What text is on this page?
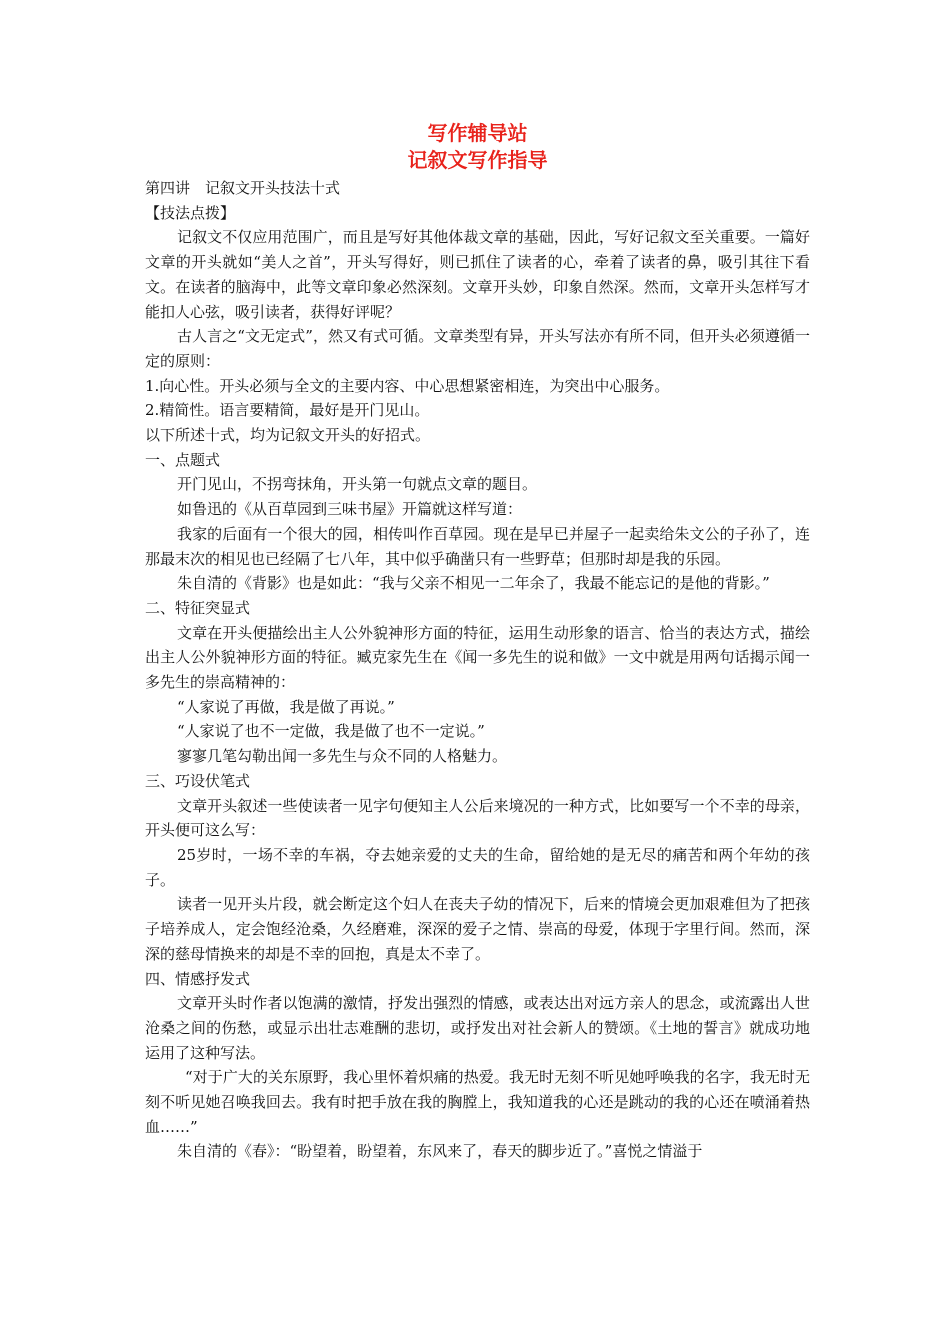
写作辅导站
记叙文写作指导

第四讲　记叙文开头技法十式

【技法点拨】

记叙文不仅应用范围广，而且是写好其他体裁文章的基础，因此，写好记叙文至关重要。一篇好文章的开头就如“美人之首”，开头写得好，则已抓住了读者的心，牵着了读者的鼻，吸引其往下看文。在读者的脑海中，此等文章印象必然深刻。文章开头妙，印象自然深。然而，文章开头怎样写才能扣人心弦，吸引读者，获得好评呢？

古人言之“文无定式”，然又有式可循。文章类型有异，开头写法亦有所不同，但开头必须遵循一定的原则：

1.向心性。开头必须与全文的主要内容、中心思想紧密相连，为突出中心服务。

2.精简性。语言要精简，最好是开门见山。

以下所述十式，均为记叙文开头的好招式。

一、点题式

开门见山，不拐弯抹角，开头第一句就点文章的题目。

如鲁迅的《从百草园到三味书屋》开篇就这样写道：

我家的后面有一个很大的园，相传叫作百草园。现在是早已并屋子一起卖给朱文公的子孙了，连那最末次的相见也已经隔了七八年，其中似乎确凿只有一些野草；但那时却是我的乐园。

朱自清的《背影》也是如此：“我与父亲不相见一二年余了，我最不能忘记的是他的背影。”

二、特征突显式

文章在开头便描绘出主人公外貌神形方面的特征，运用生动形象的语言、恰当的表达方式，描绘出主人公外貌神形方面的特征。臧克家先生在《闻一多先生的说和做》一文中就是用两句话揭示闻一多先生的崇高精神的：

“人家说了再做，我是做了再说。”

“人家说了也不一定做，我是做了也不一定说。”

寥寥几笔勾勒出闻一多先生与众不同的人格魅力。

三、巧设伏笔式

文章开头叙述一些使读者一见字句便知主人公后来境况的一种方式，比如要写一个不幸的母亲，开头便可这么写：

25岁时，一场不幸的车祸，夺去她亲爱的丈夫的生命，留给她的是无尽的痛苦和两个年幼的孩子。

读者一见开头片段，就会断定这个妇人在丧夫子幼的情况下，后来的情境会更加艰难但为了把孩子培养成人，定会饱经沧桑，久经磨难，深深的爱子之情、崇高的母爱，体现于字里行间。然而，深深的慈母情换来的却是不幸的回抱，真是太不幸了。

四、情感抒发式

文章开头时作者以饱满的激情，抒发出强烈的情感，或表达出对远方亲人的思念，或流露出人世沧桑之间的伤愁，或显示出壮志难酬的悲切，或抒发出对社会新人的赞颂。《土地的誓言》就成功地运用了这种写法。

“对于广大的关东原野，我心里怀着炽痛的热爱。我无时无刻不听见她呼唤我的名字，我无时无刻不听见她召唤我回去。我有时把手放在我的胸膛上，我知道我的心还是跳动的我的心还在喷涌着热血……”

朱自清的《春》：“盼望着，盼望着，东风来了，春天的脚步近了。”喜悦之情溢于
